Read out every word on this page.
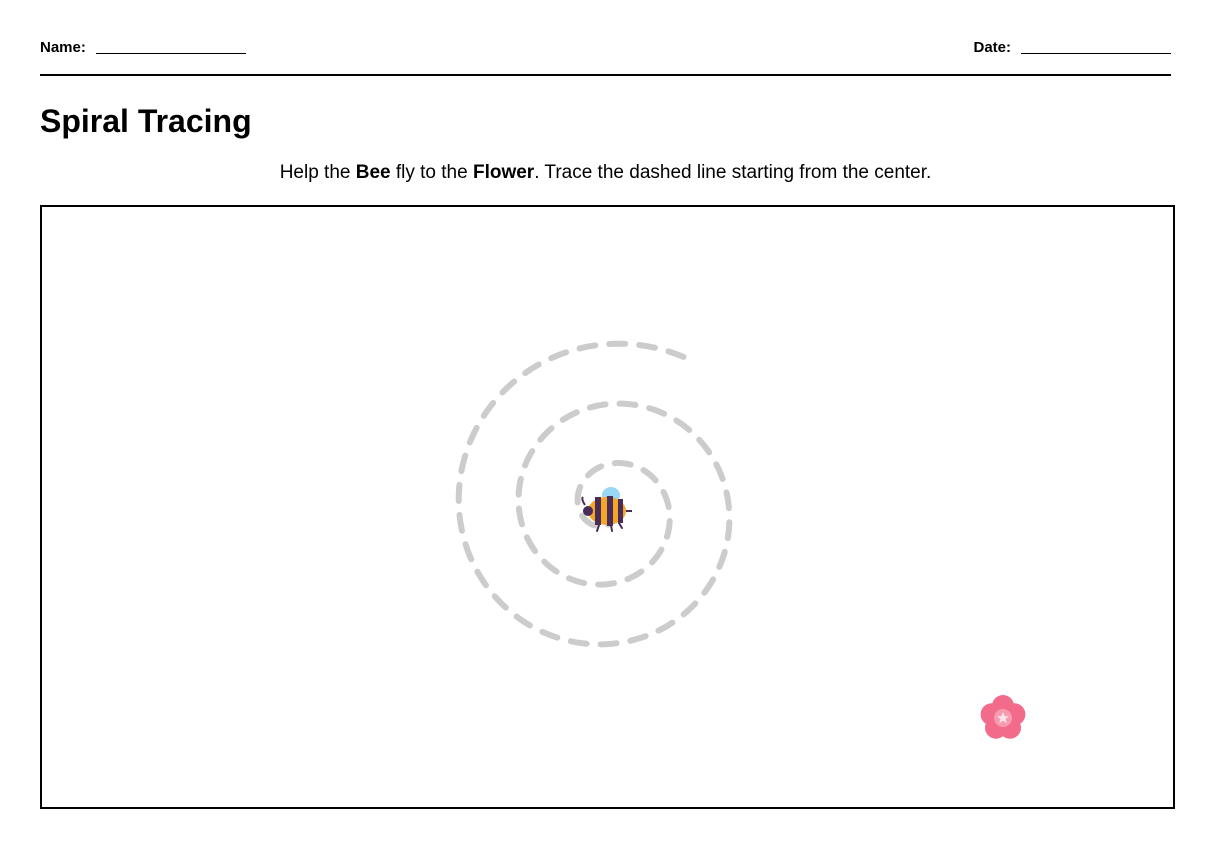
Name:	Date:
Spiral Tracing
Help the Bee fly to the Flower. Trace the dashed line starting from the center.
